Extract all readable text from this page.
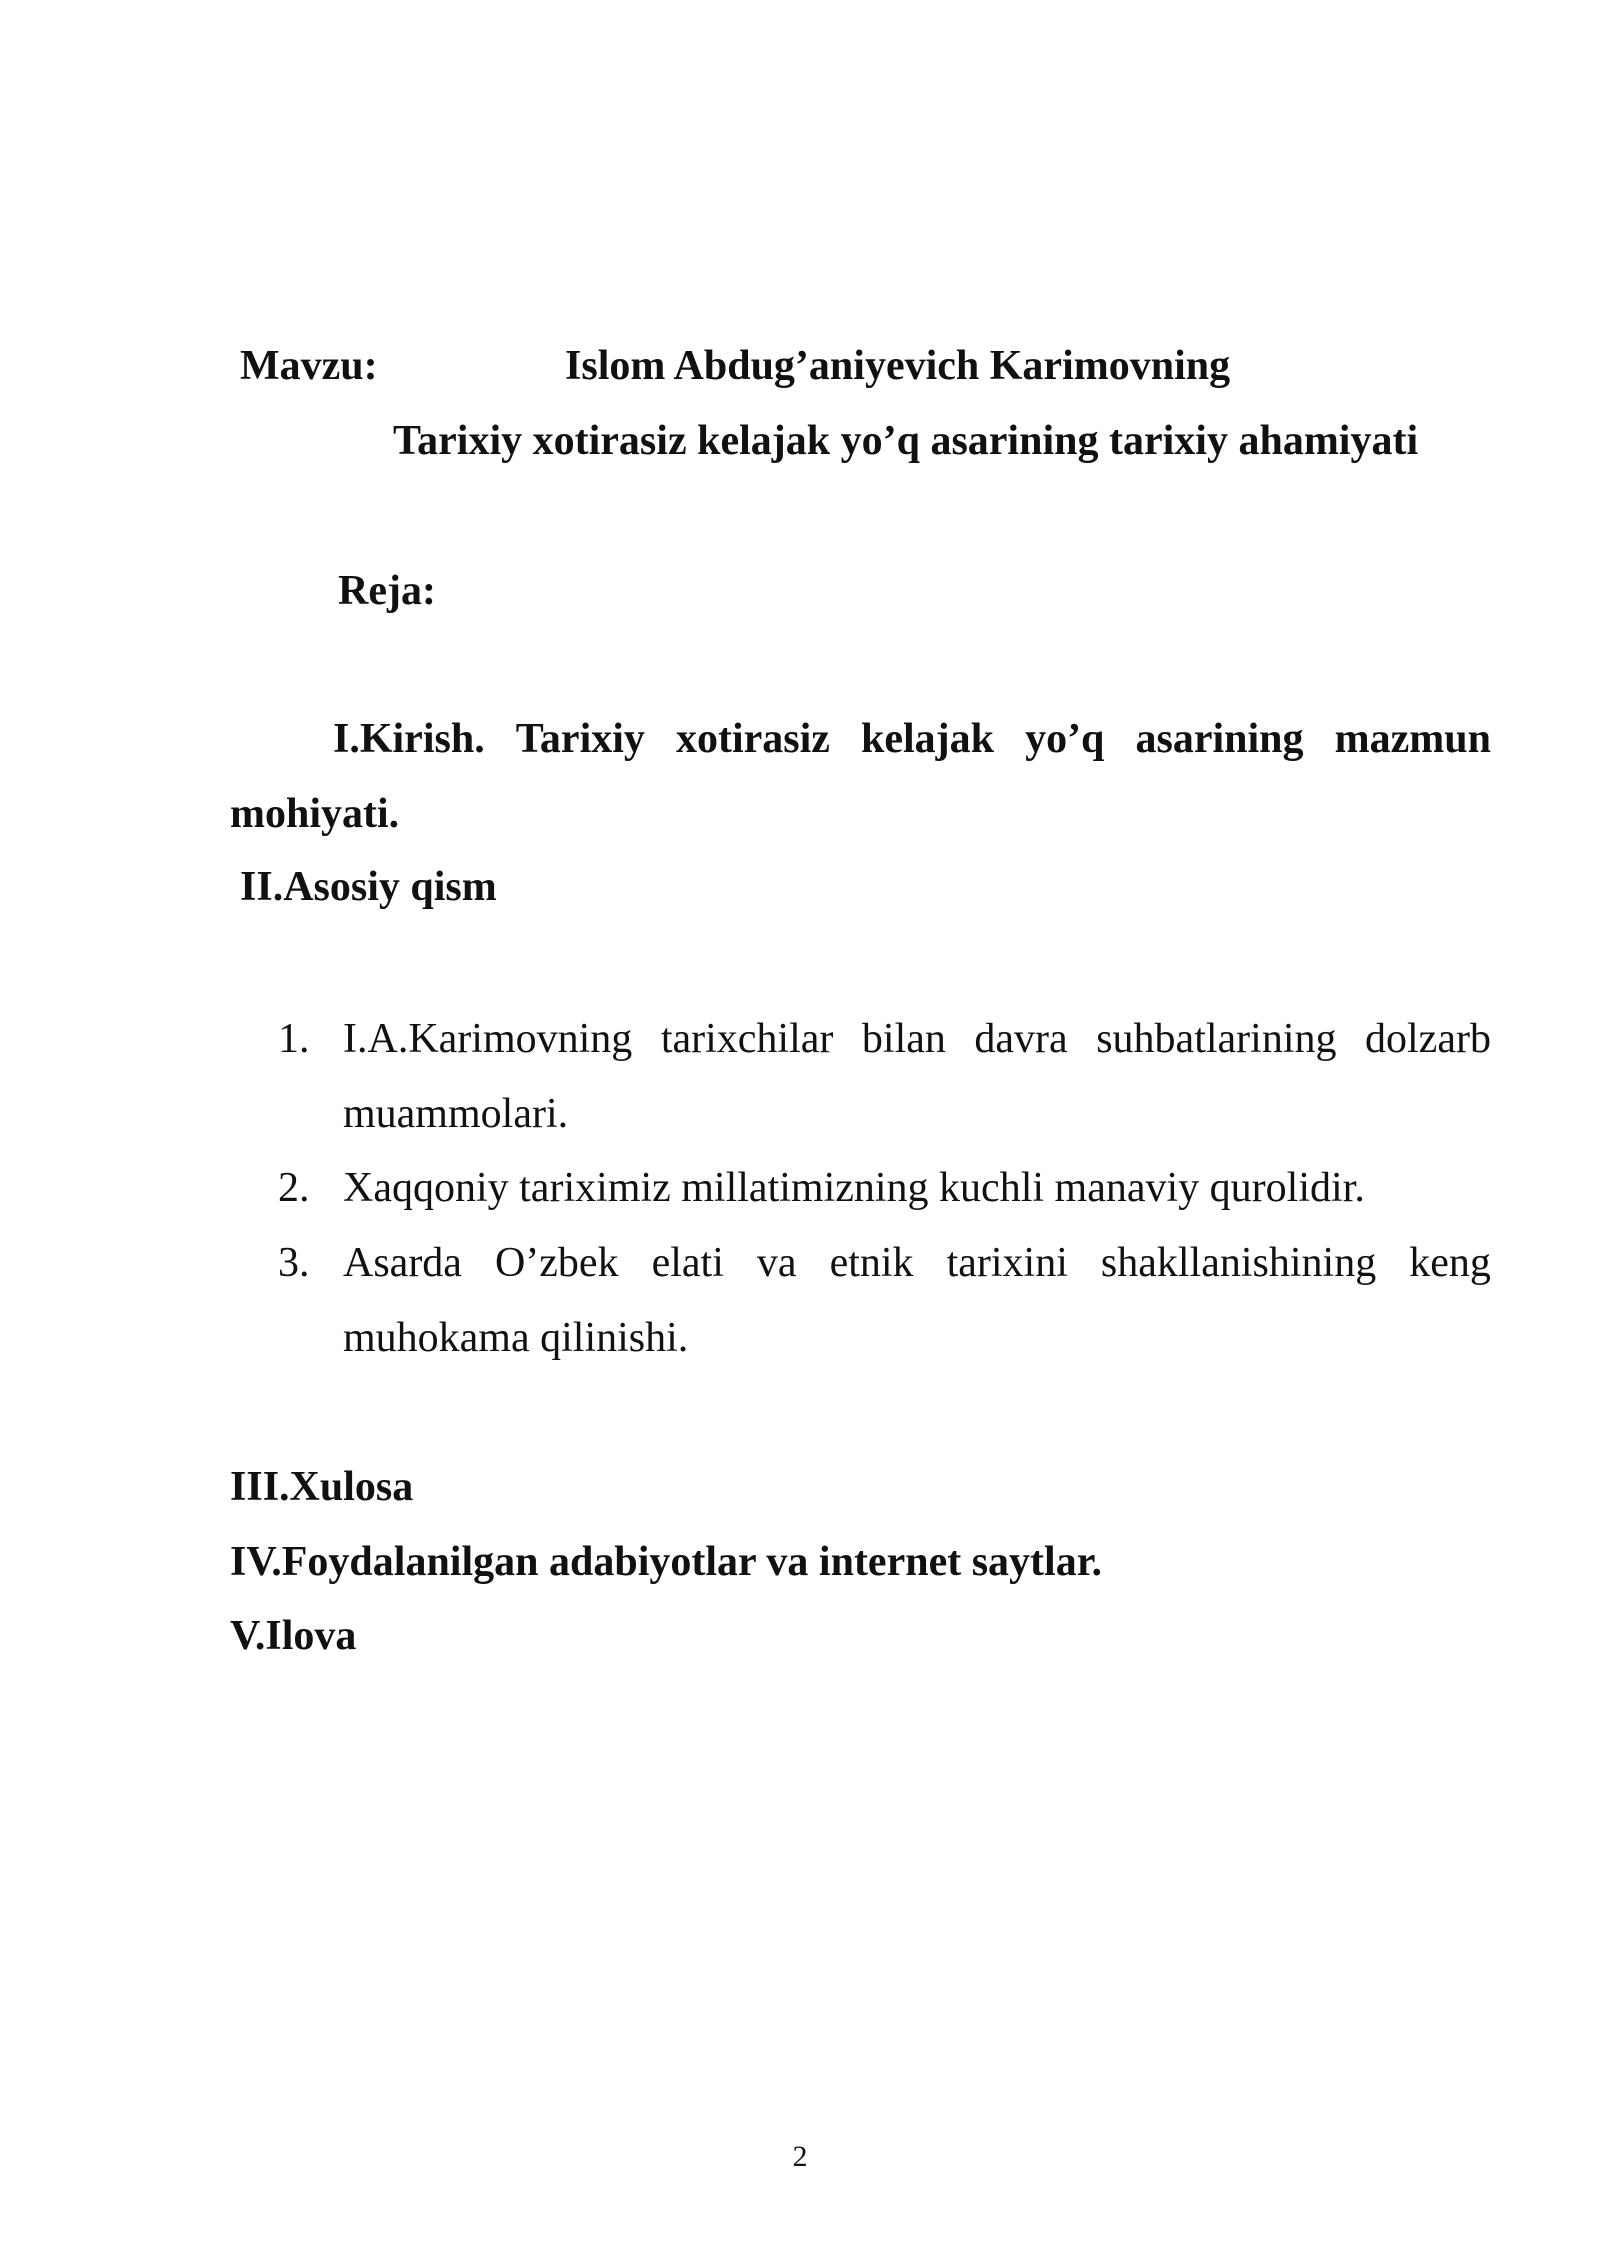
Mavzu:	Islom Abdug’aniyevich Karimovning
Tarixiy xotirasiz kelajak yo’q asarining tarixiy ahamiyati
Reja:
I.Kirish. Tarixiy xotirasiz kelajak yo’q asarining mazmun
mohiyati.
II.Asosiy qism
1. I.A.Karimovning tarixchilar bilan davra suhbatlarining dolzarb
muammolari.
2. Xaqqoniy tariximiz millatimizning kuchli manaviy qurolidir.
3. Asarda O’zbek elati va etnik tarixini shakllanishining keng
muhokama qilinishi.
III.Xulosa
IV.Foydalanilgan adabiyotlar va internet saytlar.
V.Ilova
2
